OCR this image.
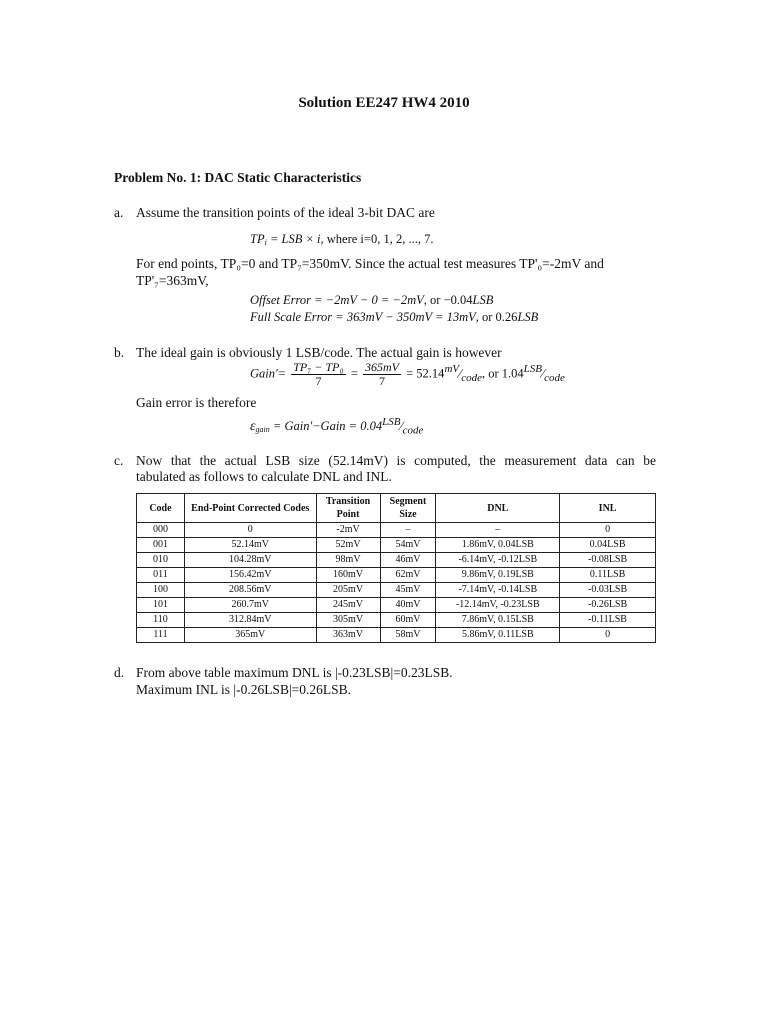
Solution EE247 HW4 2010
Problem No. 1: DAC Static Characteristics
a. Assume the transition points of the ideal 3-bit DAC are
$TP_i$ = LSB × i, where i=0, 1, 2, ..., 7.
For end points, TP₀=0 and TP₇=350mV. Since the actual test measures TP'₀=-2mV and
TP'₇=363mV,
Offset Error = −2mV − 0 = −2mV, or −0.04LSB
Full Scale Error = 363mV − 350mV = 13mV, or 0.26LSB
b. The ideal gain is obviously 1 LSB/code. The actual gain is however
Gain'= $\frac{\text{TP₇ − TP₀}}{7} = \frac{365mV}{7}$ = $52.14^{mV}⁄_{code}$, or $1.04^{LSB}⁄_{code}$
Gain error is therefore
$\varepsilon_{gain}$ = Gain'−Gain = $0.04^{LSB}⁄_{code}$
c. Now that the actual LSB size (52.14mV) is computed, the measurement data can be
tabulated as follows to calculate DNL and INL.
Code	End-Point Corrected Codes	Transition Point	Segment Size	DNL	INL
000	0	-2mV	–	–	0
001	52.14mV	52mV	54mV	1.86mV, 0.04LSB	0.04LSB
010	104.28mV	98mV	46mV	-6.14mV, -0.12LSB	-0.08LSB
011	156.42mV	160mV	62mV	9.86mV, 0.19LSB	0.11LSB
100	208.56mV	205mV	45mV	-7.14mV, -0.14LSB	-0.03LSB
101	260.7mV	245mV	40mV	-12.14mV, -0.23LSB	-0.26LSB
110	312.84mV	305mV	60mV	7.86mV, 0.15LSB	-0.11LSB
111	365mV	363mV	58mV	5.86mV, 0.11LSB	0
d. From above table maximum DNL is |-0.23LSB|=0.23LSB.
Maximum INL is |-0.26LSB|=0.26LSB.
